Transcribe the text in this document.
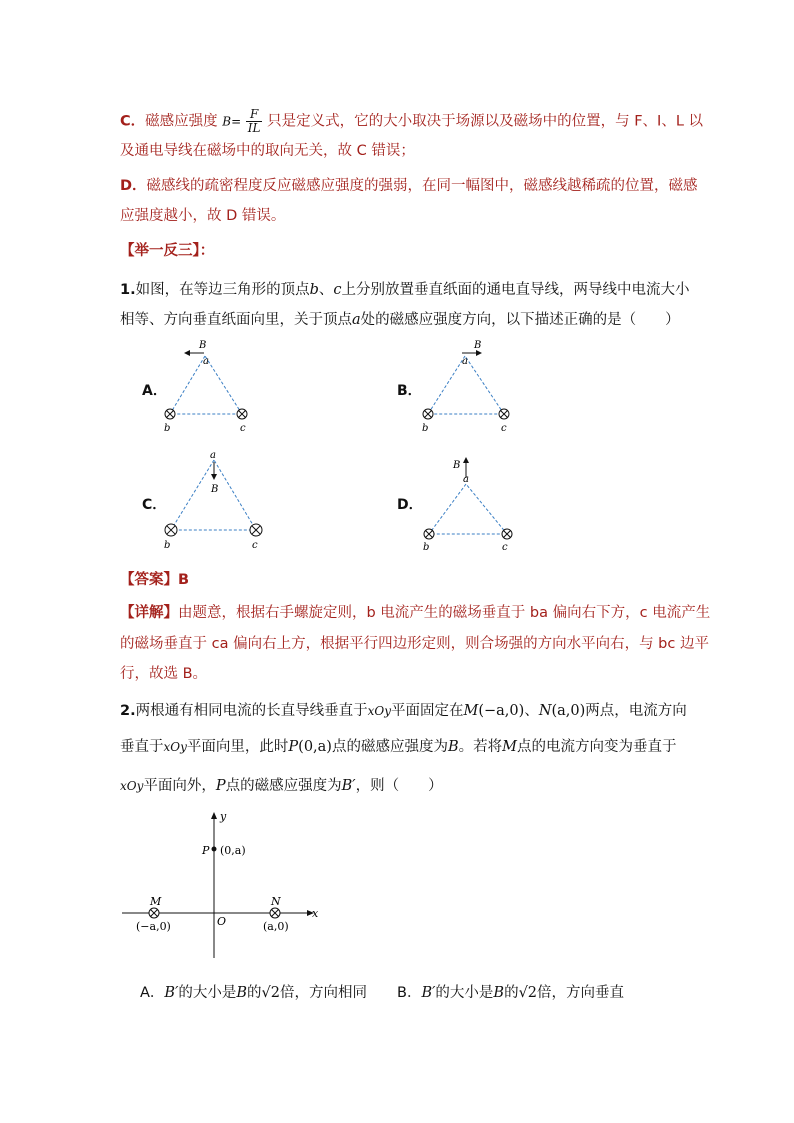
C．磁感应强度 $B= \frac{F}{IL}$ 只是定义式，它的大小取决于场源以及磁场中的位置，与 F、I、L 以
及通电导线在磁场中的取向无关，故 C 错误；
D．磁感线的疏密程度反应磁感应强度的强弱，在同一幅图中，磁感线越稀疏的位置，磁感
应强度越小，故 D 错误。
【举一反三】：
1.如图，在等边三角形的顶点b、c上分别放置垂直纸面的通电直导线，两导线中电流大小
相等、方向垂直纸面向里，关于顶点a处的磁感应强度方向，以下描述正确的是（　　）
A．	B．
C．	D．
B
a
b	c
B
a
b	c
a
B
b	c
B
a
b	c
【答案】B
【详解】由题意，根据右手螺旋定则，b 电流产生的磁场垂直于 ba 偏向右下方，c 电流产生
的磁场垂直于 ca 偏向右上方，根据平行四边形定则，则合场强的方向水平向右，与 bc 边平
行，故选 B。
2.两根通有相同电流的长直导线垂直于xOy平面固定在M(−a,0)、N(a,0)两点，电流方向
垂直于xOy平面向里，此时P(0,a)点的磁感应强度为B。若将M点的电流方向变为垂直于
xOy平面向外，P点的磁感应强度为B′，则（　　）
x
y
O
P (0,a)
M
(−a,0)
N
(a,0)
A．B′的大小是B的√2倍，方向相同 B．B′的大小是B的√2倍，方向垂直
